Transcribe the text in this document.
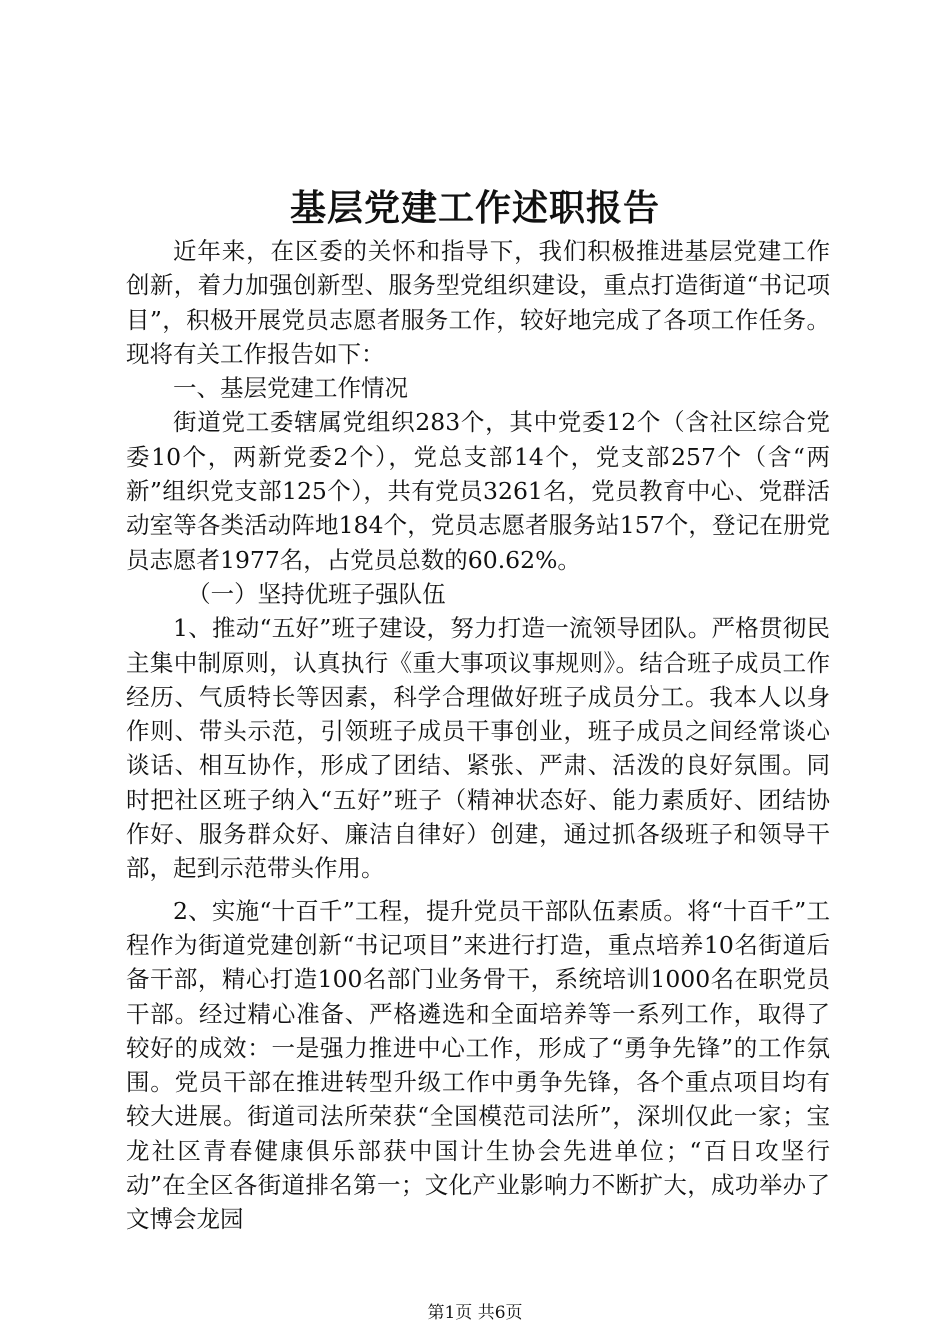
基层党建工作述职报告

近年来，在区委的关怀和指导下，我们积极推进基层党建工作创新，着力加强创新型、服务型党组织建设，重点打造街道“书记项目”，积极开展党员志愿者服务工作，较好地完成了各项工作任务。现将有关工作报告如下：

一、基层党建工作情况

街道党工委辖属党组织283个，其中党委12个（含社区综合党委10个，两新党委2个），党总支部14个，党支部257个（含“两新”组织党支部125个），共有党员3261名，党员教育中心、党群活动室等各类活动阵地184个，党员志愿者服务站157个，登记在册党员志愿者1977名，占党员总数的60.62%。

（一）坚持优班子强队伍

1、推动“五好”班子建设，努力打造一流领导团队。严格贯彻民主集中制原则，认真执行《重大事项议事规则》。结合班子成员工作经历、气质特长等因素，科学合理做好班子成员分工。我本人以身作则、带头示范，引领班子成员干事创业，班子成员之间经常谈心谈话、相互协作，形成了团结、紧张、严肃、活泼的良好氛围。同时把社区班子纳入“五好”班子（精神状态好、能力素质好、团结协作好、服务群众好、廉洁自律好）创建，通过抓各级班子和领导干部，起到示范带头作用。

2、实施“十百千”工程，提升党员干部队伍素质。将“十百千”工程作为街道党建创新“书记项目”来进行打造，重点培养10名街道后备干部，精心打造100名部门业务骨干，系统培训1000名在职党员干部。经过精心准备、严格遴选和全面培养等一系列工作，取得了较好的成效：一是强力推进中心工作，形成了“勇争先锋”的工作氛围。党员干部在推进转型升级工作中勇争先锋，各个重点项目均有较大进展。街道司法所荣获“全国模范司法所”，深圳仅此一家；宝龙社区青春健康俱乐部获中国计生协会先进单位；“百日攻坚行动”在全区各街道排名第一；文化产业影响力不断扩大，成功举办了文博会龙园

第1页 共6页
